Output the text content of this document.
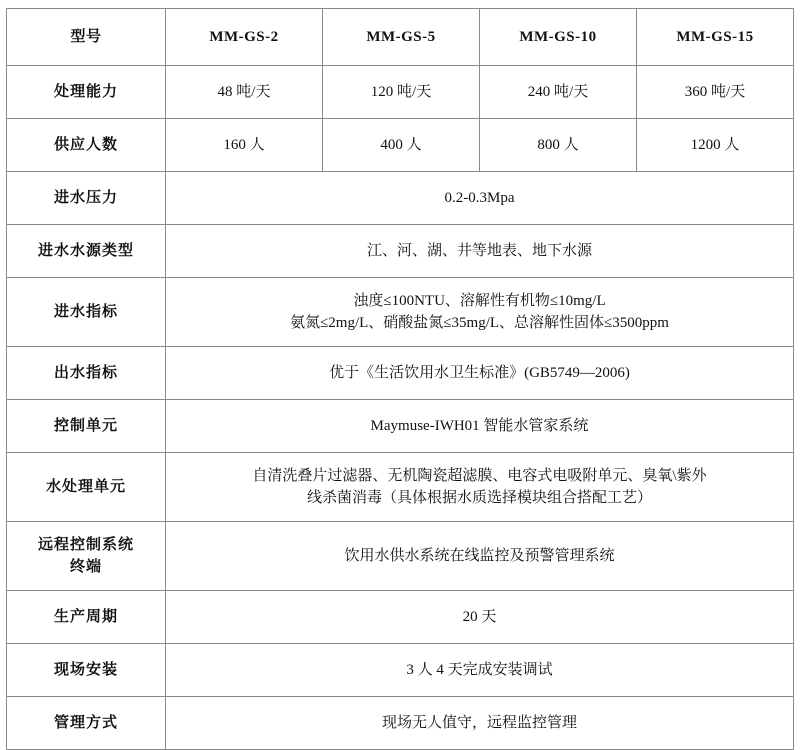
型号	MM-GS-2	MM-GS-5	MM-GS-10	MM-GS-15
处理能力	48 吨/天	120 吨/天	240 吨/天	360 吨/天
供应人数	160 人	400 人	800 人	1200 人
进水压力	0.2-0.3Mpa			
进水水源类型	江、河、湖、井等地表、地下水源			
进水指标	浊度≤100NTU、溶解性有机物≤10mg/L
氨氮≤2mg/L、硝酸盐氮≤35mg/L、总溶解性固体≤3500ppm			

出水指标	优于《生活饮用水卫生标准》(GB5749—2006)			
控制单元	Maymuse-IWH01 智能水管家系统			
水处理单元	自清洗叠片过滤器、无机陶瓷超滤膜、电容式电吸附单元、臭氧\紫外
线杀菌消毒（具体根据水质选择模块组合搭配工艺）			

远程控制系统
终端	饮用水供水系统在线监控及预警管理系统			
生产周期	20 天			
现场安装	3 人 4 天完成安装调试			
管理方式	现场无人值守，远程监控管理			
